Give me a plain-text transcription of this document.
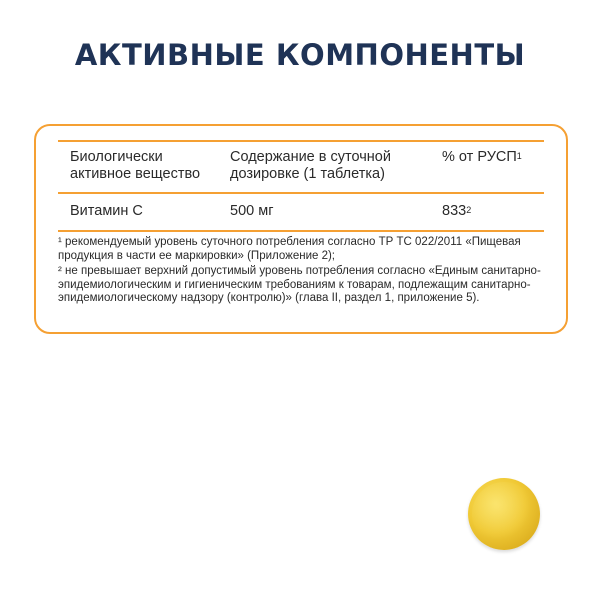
АКТИВНЫЕ КОМПОНЕНТЫ
Биологически
активное вещество
Содержание в суточной
дозировке (1 таблетка)
% от РУСП$^1$
Витамин С	500 мг	$833^2$

¹ рекомендуемый уровень суточного потребления согласно ТР ТС 022/2011 «Пищевая продукция в части ее маркировки» (Приложение 2);

² не превышает верхний допустимый уровень потребления согласно «Единым санитарно-эпидемиологическим и гигиеническим требованиям к товарам, подлежащим санитарно-эпидемиологическому надзору (контролю)» (глава II, раздел 1, приложение 5).
